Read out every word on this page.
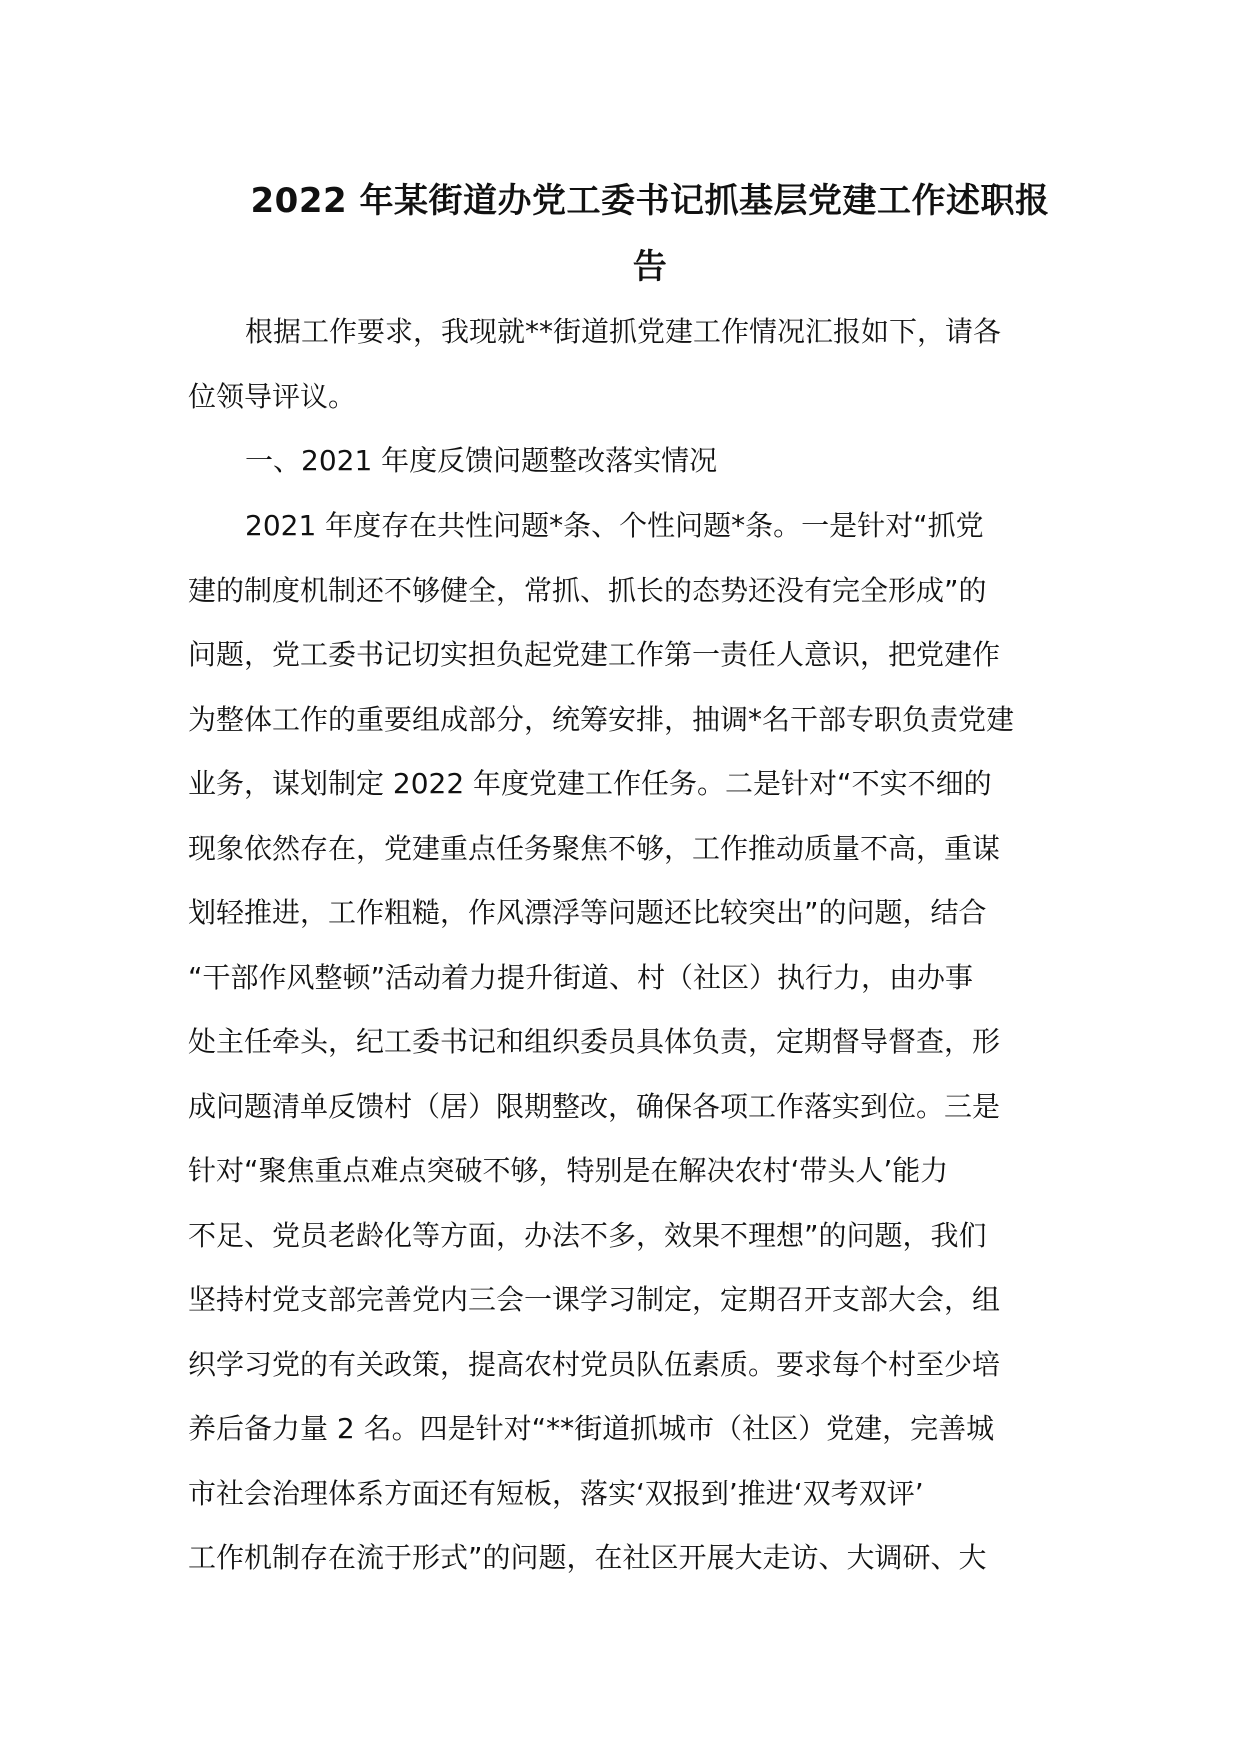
2022 年某街道办党工委书记抓基层党建工作述职报
告

根据工作要求，我现就**街道抓党建工作情况汇报如下，请各
位领导评议。

一、2021 年度反馈问题整改落实情况

2021 年度存在共性问题*条、个性问题*条。一是针对“抓党
建的制度机制还不够健全，常抓、抓长的态势还没有完全形成”的
问题，党工委书记切实担负起党建工作第一责任人意识，把党建作
为整体工作的重要组成部分，统筹安排，抽调*名干部专职负责党建
业务，谋划制定 2022 年度党建工作任务。二是针对“不实不细的
现象依然存在，党建重点任务聚焦不够，工作推动质量不高，重谋
划轻推进，工作粗糙，作风漂浮等问题还比较突出”的问题，结合
“干部作风整顿”活动着力提升街道、村（社区）执行力，由办事
处主任牵头，纪工委书记和组织委员具体负责，定期督导督查，形
成问题清单反馈村（居）限期整改，确保各项工作落实到位。三是
针对“聚焦重点难点突破不够，特别是在解决农村‘带头人’能力
不足、党员老龄化等方面，办法不多，效果不理想”的问题，我们
坚持村党支部完善党内三会一课学习制定，定期召开支部大会，组
织学习党的有关政策，提高农村党员队伍素质。要求每个村至少培
养后备力量 2 名。四是针对“**街道抓城市（社区）党建，完善城
市社会治理体系方面还有短板，落实‘双报到’推进‘双考双评’
工作机制存在流于形式”的问题，在社区开展大走访、大调研、大
